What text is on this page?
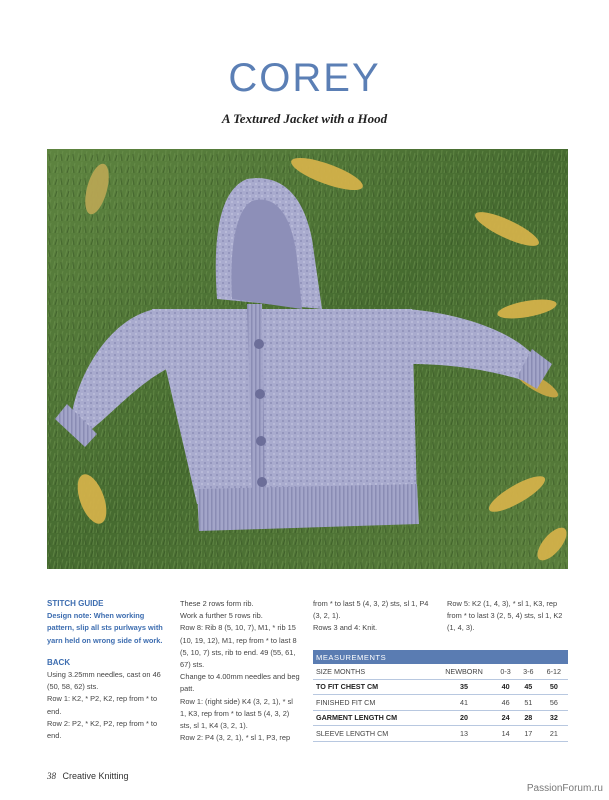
COREY
A Textured Jacket with a Hood

STITCH GUIDE

Design note: When working pattern, slip all sts purlways with yarn held on wrong side of work.

BACK

Using 3.25mm needles, cast on 46 (50, 58, 62) sts.

Row 1: K2, * P2, K2, rep from * to end.

Row 2: P2, * K2, P2, rep from * to end.

These 2 rows form rib.

Work a further 5 rows rib.

Row 8: Rib 8 (5, 10, 7), M1, * rib 15 (10, 19, 12), M1, rep from * to last 8 (5, 10, 7) sts, rib to end. 49 (55, 61, 67) sts.

Change to 4.00mm needles and beg patt.

Row 1: (right side) K4 (3, 2, 1), * sl 1, K3, rep from * to last 5 (4, 3, 2) sts, sl 1, K4 (3, 2, 1).

Row 2: P4 (3, 2, 1), * sl 1, P3, rep

from * to last 5 (4, 3, 2) sts, sl 1, P4 (3, 2, 1).

Rows 3 and 4: Knit.

Row 5: K2 (1, 4, 3), * sl 1, K3, rep from * to last 3 (2, 5, 4) sts, sl 1, K2 (1, 4, 3).

MEASUREMENTS				
SIZE MONTHS	NEWBORN	0-3	3-6	6-12
TO FIT CHEST CM	35	40	45	50
FINISHED FIT CM	41	46	51	56
GARMENT LENGTH CM	20	24	28	32
SLEEVE LENGTH CM	13	14	17	21
38 Creative Knitting
PassionForum.ru
